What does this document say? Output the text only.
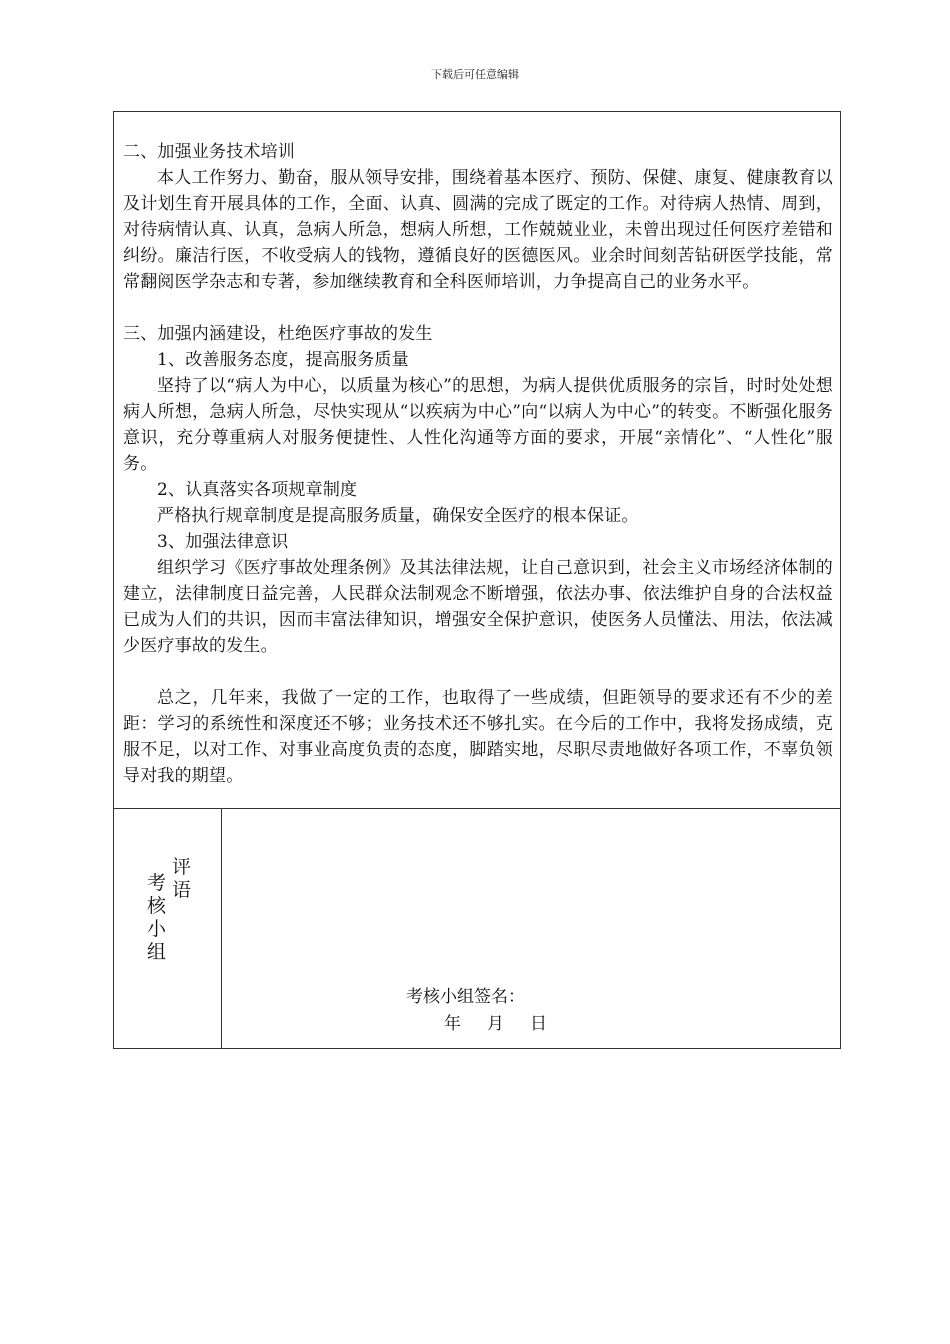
下载后可任意编辑

二、加强业务技术培训

本人工作努力、勤奋，服从领导安排，围绕着基本医疗、预防、保健、康复、健康教育以及计划生育开展具体的工作，全面、认真、圆满的完成了既定的工作。对待病人热情、周到，对待病情认真、认真，急病人所急，想病人所想，工作兢兢业业，未曾出现过任何医疗差错和纠纷。廉洁行医，不收受病人的钱物，遵循良好的医德医风。业余时间刻苦钻研医学技能，常常翻阅医学杂志和专著，参加继续教育和全科医师培训，力争提高自己的业务水平。

三、加强内涵建设，杜绝医疗事故的发生

1、改善服务态度，提高服务质量

坚持了以“病人为中心，以质量为核心”的思想，为病人提供优质服务的宗旨，时时处处想病人所想，急病人所急，尽快实现从“以疾病为中心”向“以病人为中心”的转变。不断强化服务意识，充分尊重病人对服务便捷性、人性化沟通等方面的要求，开展“亲情化”、“人性化”服务。

2、认真落实各项规章制度

严格执行规章制度是提高服务质量，确保安全医疗的根本保证。

3、加强法律意识

组织学习《医疗事故处理条例》及其法律法规，让自己意识到，社会主义市场经济体制的建立，法律制度日益完善，人民群众法制观念不断增强，依法办事、依法维护自身的合法权益已成为人们的共识，因而丰富法律知识，增强安全保护意识，使医务人员懂法、用法，依法减少医疗事故的发生。

总之，几年来，我做了一定的工作，也取得了一些成绩，但距领导的要求还有不少的差距：学习的系统性和深度还不够；业务技术还不够扎实。在今后的工作中，我将发扬成绩，克服不足，以对工作、对事业高度负责的态度，脚踏实地，尽职尽责地做好各项工作，不辜负领导对我的期望。

评语
考核小组
考核小组签名：
年 月 日
